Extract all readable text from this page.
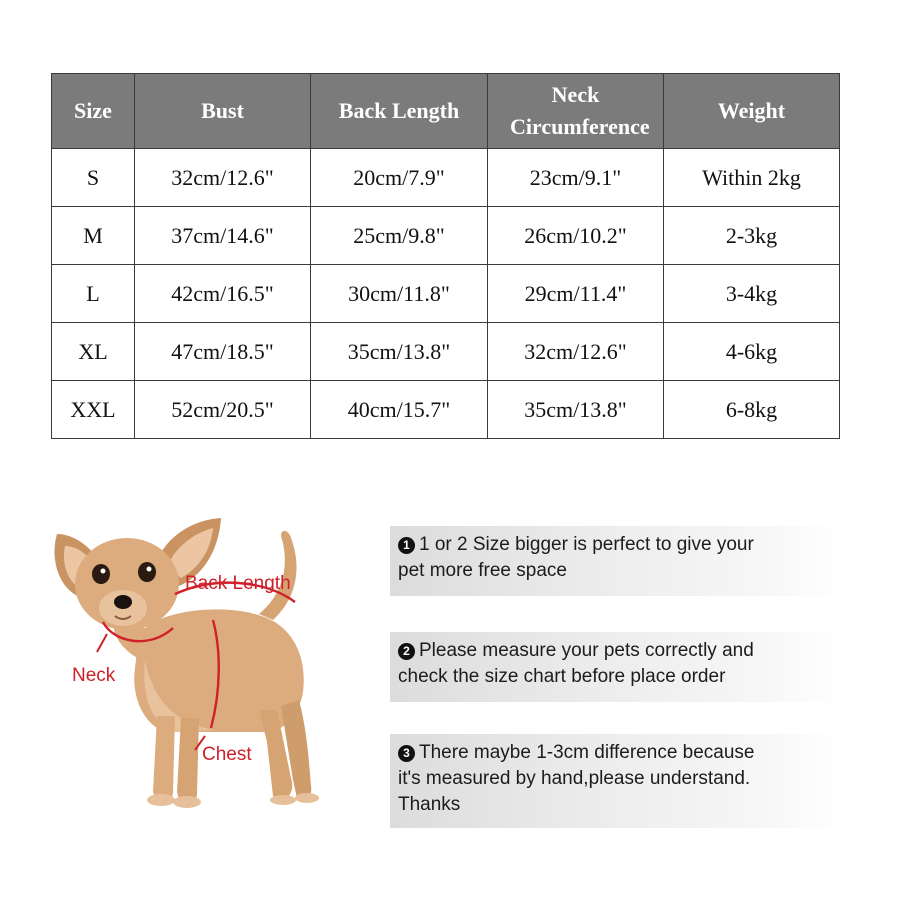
Size	Bust	Back Length	Neck Circumference	Weight
S	32cm/12.6"	20cm/7.9"	23cm/9.1"	Within 2kg
M	37cm/14.6"	25cm/9.8"	26cm/10.2"	2-3kg
L	42cm/16.5"	30cm/11.8"	29cm/11.4"	3-4kg
XL	47cm/18.5"	35cm/13.8"	32cm/12.6"	4-6kg
XXL	52cm/20.5"	40cm/15.7"	35cm/13.8"	6-8kg
Back Length
Neck
Chest
1 1 or 2 Size bigger is perfect to give your
pet more free space
2 Please measure your pets correctly and
check the size chart before place order
3 There maybe 1-3cm difference because
it's measured by hand,please understand.
Thanks
